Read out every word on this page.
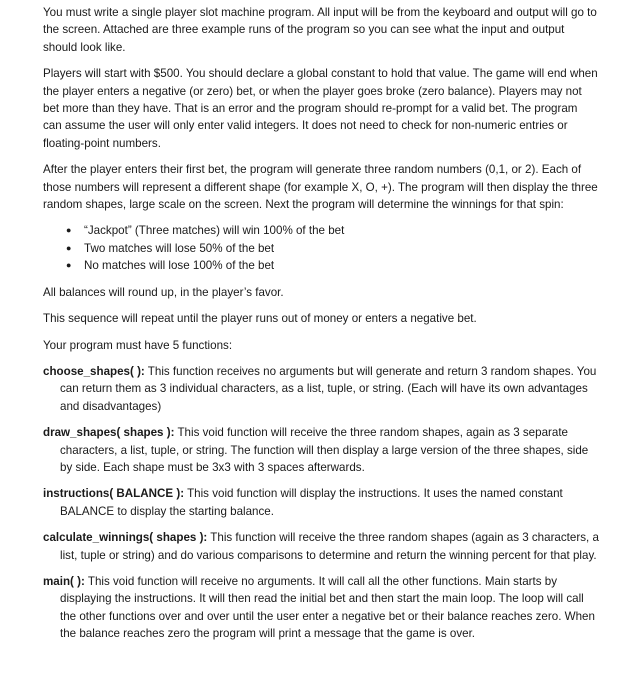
You must write a single player slot machine program. All input will be from the keyboard and output will go to the screen. Attached are three example runs of the program so you can see what the input and output should look like.

Players will start with $500. You should declare a global constant to hold that value. The game will end when the player enters a negative (or zero) bet, or when the player goes broke (zero balance). Players may not bet more than they have. That is an error and the program should re-prompt for a valid bet. The program can assume the user will only enter valid integers. It does not need to check for non-numeric entries or floating-point numbers.

After the player enters their first bet, the program will generate three random numbers (0,1, or 2). Each of those numbers will represent a different shape (for example X, O, +). The program will then display the three random shapes, large scale on the screen. Next the program will determine the winnings for that spin:

● “Jackpot” (Three matches) will win 100% of the bet
● Two matches will lose 50% of the bet
● No matches will lose 100% of the bet

All balances will round up, in the player’s favor.

This sequence will repeat until the player runs out of money or enters a negative bet.

Your program must have 5 functions:

choose_shapes( ): This function receives no arguments but will generate and return 3 random shapes. You can return them as 3 individual characters, as a list, tuple, or string. (Each will have its own advantages and disadvantages)

draw_shapes( shapes ): This void function will receive the three random shapes, again as 3 separate characters, a list, tuple, or string. The function will then display a large version of the three shapes, side by side. Each shape must be 3x3 with 3 spaces afterwards.

instructions( BALANCE ): This void function will display the instructions. It uses the named constant BALANCE to display the starting balance.

calculate_winnings( shapes ): This function will receive the three random shapes (again as 3 characters, a list, tuple or string) and do various comparisons to determine and return the winning percent for that play.

main( ): This void function will receive no arguments. It will call all the other functions. Main starts by displaying the instructions. It will then read the initial bet and then start the main loop. The loop will call the other functions over and over until the user enter a negative bet or their balance reaches zero. When the balance reaches zero the program will print a message that the game is over.
